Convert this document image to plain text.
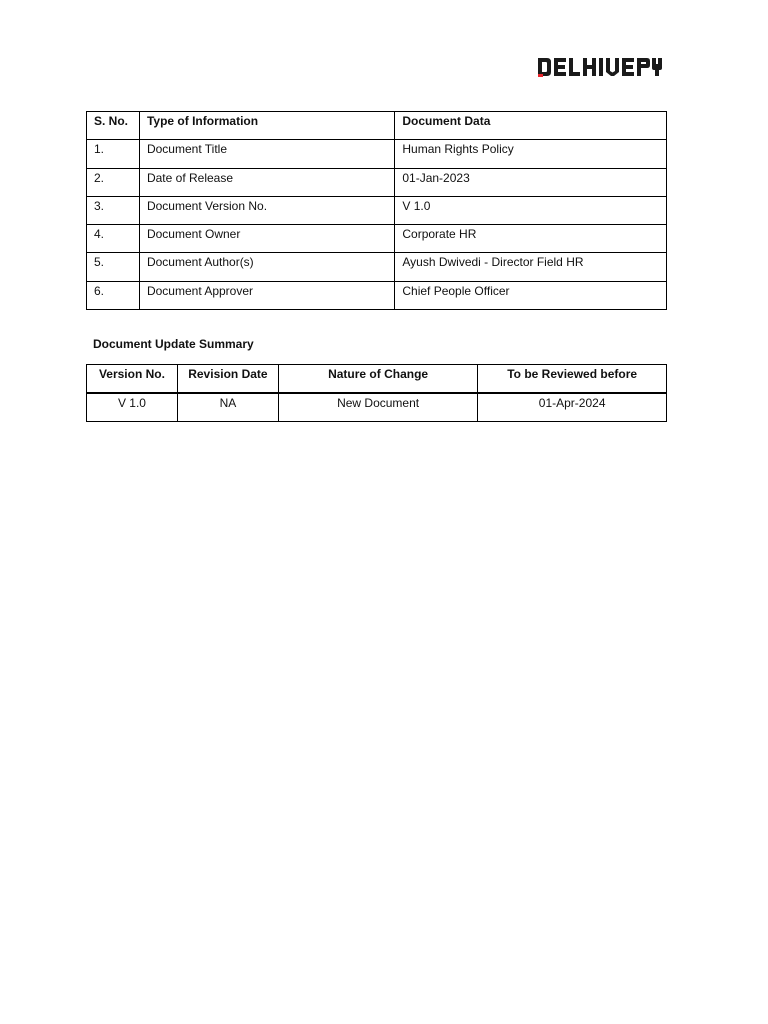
S. No.	Type of Information	Document Data
1.	Document Title	Human Rights Policy
2.	Date of Release	01-Jan-2023
3.	Document Version No.	V 1.0
4.	Document Owner	Corporate HR
5.	Document Author(s)	Ayush Dwivedi - Director Field HR
6.	Document Approver	Chief People Officer
Document Update Summary
Version No.	Revision Date	Nature of Change	To be Reviewed before
V 1.0	NA	New Document	01-Apr-2024
